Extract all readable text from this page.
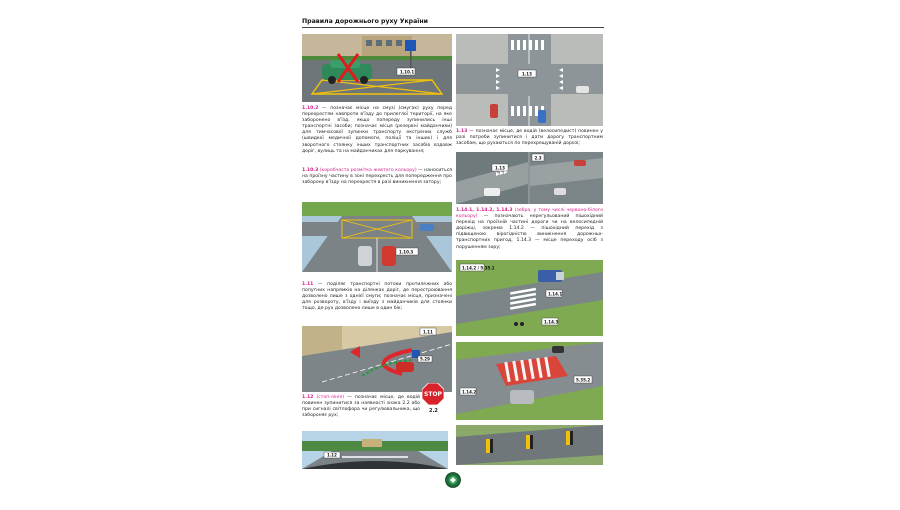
Правила дорожнього руху України
1.10.1	1.13
1.13
2.3
1.10.3
1.14.2 / 5.35.1
1.14.1
1.14.3
1.11
5.29
1.14.2
5.35.2
1.12
1.10.2 — позначає місце на смузі (смугах) руху перед перехрестям навпроти в'їзду до прилеглої території, на яке заборонено в'їзд, якщо попереду зупинились інші транспортні засоби; позначає місця (резервні майданчики) для тимчасової зупинки транспорту екстрених служб (швидкої медичної допомоги, поліції та інших) і для зворотного стоянку інших транспортних засобів вздовж доріг, вулиць та на майданчиках для паркування;
1.10.3 (коробчаста розмітка жовтого кольору) — наноситься на проїзну частину в зоні перехресть для попередження про заборону в'їзду на перехрестя в разі виникнення затору;
1.11 — поділяє транспортні потоки протилежних або попутних напрямків на ділянках доріг, де перестроювання дозволено лише з однієї смуги; позначає місця, призначені для розвороту, в'їзду і виїзду з майданчиків для стоянки тощо, де рух дозволено лише в один бік;
1.12 (стоп-лінія) — позначає місце, де водій повинен зупинитися за наявності знака 2.2 або при сигналі світлофора чи регулювальника, що забороняє рух;
1.13 — позначає місце, де водій (велосипедист) повинен у разі потреби зупинитися і дати дорогу транспортним засобам, що рухаються по перехрещуваній дорозі;
1.14.1, 1.14.2, 1.14.3 (зебра, у тому числі червоно-білого кольору) — позначають нерегульований пішохідний перехід на проїзній частині дороги чи на велосипедній доріжці, зокрема 1.14.2 — пішохідний перехід з підвищеною вірогідністю виникнення дорожньо-транспортних пригод, 1.14.3 — місце переходу осіб з порушенням зору;
STOP
2.2
